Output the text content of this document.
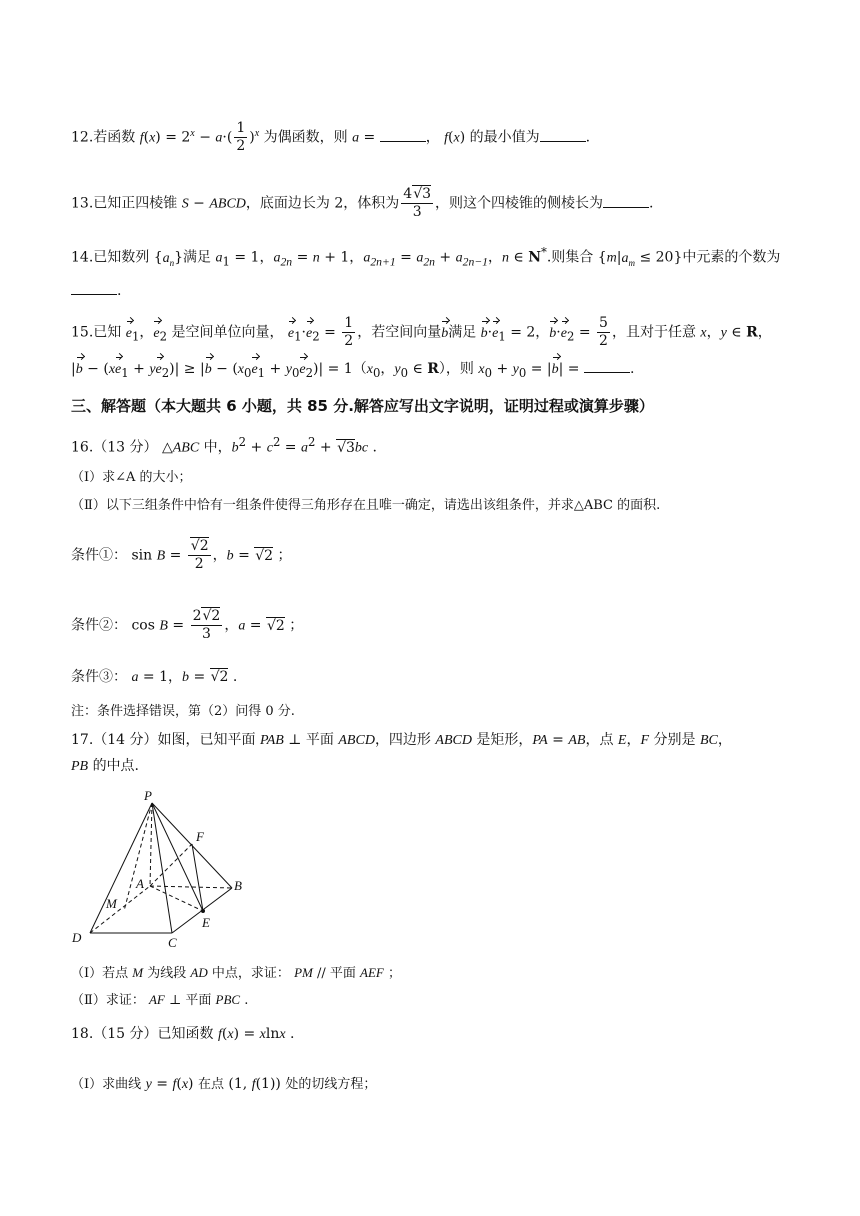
12.若函数 $f(x) = 2^x - a\cdot( \frac{1}{2} )^x$ 为偶函数，则 a =	， f(x) 的最小值为	.
13.已知正四棱锥 S − ABCD，底面边长为 2，体积为 $\frac{4√3}{3}$ ，则这个四棱锥的侧棱长为	.
14.已知数列 $\{a_n\}$满足 $a_1 = 1$，$a_{2n} = n + 1$，$a_{2n+1} = a_{2n} + a_{2n-1}$，n ∈ N*.则集合 $\{m|a_m \le 20\}$中元素的个数为
.
15.已知 $e_1$，$e_2$ 是空间单位向量， $e_1\cdot e_2 = \frac{1}{2}$ ，若空间向量b满足 $b\cdot e_1 = 2$，$b\cdot e_2 = \frac{5}{2}$ ，且对于任意 x，y ∈ R，
$|b - (xe_1 + ye_2)| \ge |b - (x_0e_1 + y_0e_2)| = 1(x_0$，$y_0$ ∈ R），则 $x_0 + y_0 = |b|$ =	.
三、解答题（本大题共 6 小题，共 85 分.解答应写出文字说明，证明过程或演算步骤）
16.（13 分） △ABC 中，$b^2 + c^2 = a^2 + √3bc$ .
（Ⅰ）求∠A 的大小；
（Ⅱ）以下三组条件中恰有一组条件使得三角形存在且唯一确定，请选出该组条件，并求△ABC 的面积.
条件①： $\sin B = \frac{√2}{2}$ ，b = √2 ；
条件②： $\cos B = \frac{2√2}{3}$ ，a = √2 ；
条件③： a = 1，b = √2 .
注：条件选择错误，第（2）问得 0 分.
17.（14 分）如图，已知平面 PAB ⊥ 平面 ABCD，四边形 ABCD 是矩形，PA = AB，点 E，F 分别是 BC，
PB 的中点.
P
F
A	B
M
E
D	C
（Ⅰ）若点 M 为线段 AD 中点，求证： PM // 平面 AEF ；
（Ⅱ）求证： AF ⊥ 平面 PBC .
18.（15 分）已知函数 f(x) = xlnx .
（Ⅰ）求曲线 y = f(x) 在点 (1, f(1)) 处的切线方程；
